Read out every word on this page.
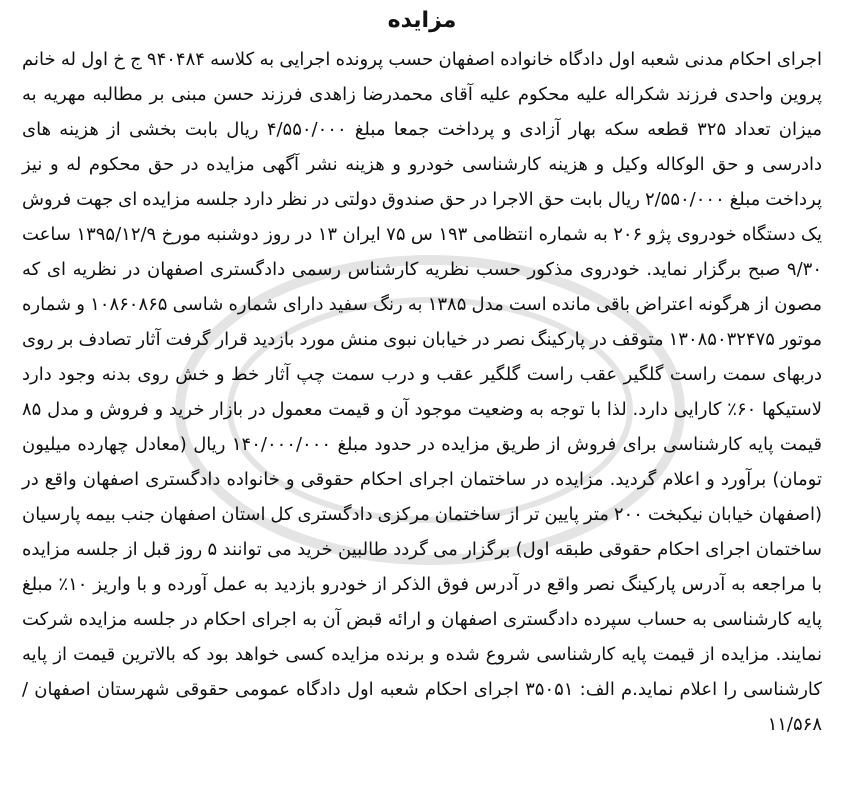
مزایده

اجرای احکام مدنی شعبه اول دادگاه خانواده اصفهان حسب پرونده اجرایی به کلاسه ۹۴۰۴۸۴ ج خ اول له خانم پروین واحدی فرزند شکراله علیه محکوم علیه آقای محمدرضا زاهدی فرزند حسن مبنی بر مطالبه مهریه به میزان تعداد ۳۲۵ قطعه سکه بهار آزادی و پرداخت جمعا مبلغ ۴/۵۵۰/۰۰۰ ریال بابت بخشی از هزینه های دادرسی و حق الوکاله وکیل و هزینه کارشناسی خودرو و هزینه نشر آگهی مزایده در حق محکوم له و نیز پرداخت مبلغ ۲/۵۵۰/۰۰۰ ریال بابت حق الاجرا در حق صندوق دولتی در نظر دارد جلسه مزایده ای جهت فروش یک دستگاه خودروی پژو ۲۰۶ به شماره انتظامی ۱۹۳ س ۷۵ ایران ۱۳ در روز دوشنبه مورخ ۱۳۹۵/۱۲/۹ ساعت ۹/۳۰ صبح برگزار نماید. خودروی مذکور حسب نظریه کارشناس رسمی دادگستری اصفهان در نظریه ای که مصون از هرگونه اعتراض باقی مانده است مدل ۱۳۸۵ به رنگ سفید دارای شماره شاسی ۱۰۸۶۰۸۶۵ و شماره موتور ۱۳۰۸۵۰۳۲۴۷۵ متوقف در پارکینگ نصر در خیابان نبوی منش مورد بازدید قرار گرفت آثار تصادف بر روی دربهای سمت راست گلگیر عقب راست گلگیر عقب و درب سمت چپ آثار خط و خش روی بدنه وجود دارد لاستیکها ۶۰٪ کارایی دارد. لذا با توجه به وضعیت موجود آن و قیمت معمول در بازار خرید و فروش و مدل ۸۵ قیمت پایه کارشناسی برای فروش از طریق مزایده در حدود مبلغ ۱۴۰/۰۰۰/۰۰۰ ریال (معادل چهارده میلیون تومان) برآورد و اعلام گردید. مزایده در ساختمان اجرای احکام حقوقی و خانواده دادگستری اصفهان واقع در (اصفهان خیابان نیکبخت ۲۰۰ متر پایین تر از ساختمان مرکزی دادگستری کل استان اصفهان جنب بیمه پارسیان ساختمان اجرای احکام حقوقی طبقه اول) برگزار می گردد طالبین خرید می توانند ۵ روز قبل از جلسه مزایده با مراجعه به آدرس پارکینگ نصر واقع در آدرس فوق الذکر از خودرو بازدید به عمل آورده و با واریز ۱۰٪ مبلغ پایه کارشناسی به حساب سپرده دادگستری اصفهان و ارائه قبض آن به اجرای احکام در جلسه مزایده شرکت نمایند. مزایده از قیمت پایه کارشناسی شروع شده و برنده مزایده کسی خواهد بود که بالاترین قیمت از پایه کارشناسی را اعلام نماید.م الف: ۳۵۰۵۱ اجرای احکام شعبه اول دادگاه عمومی حقوقی شهرستان اصفهان /۱۱/۵۶۸
